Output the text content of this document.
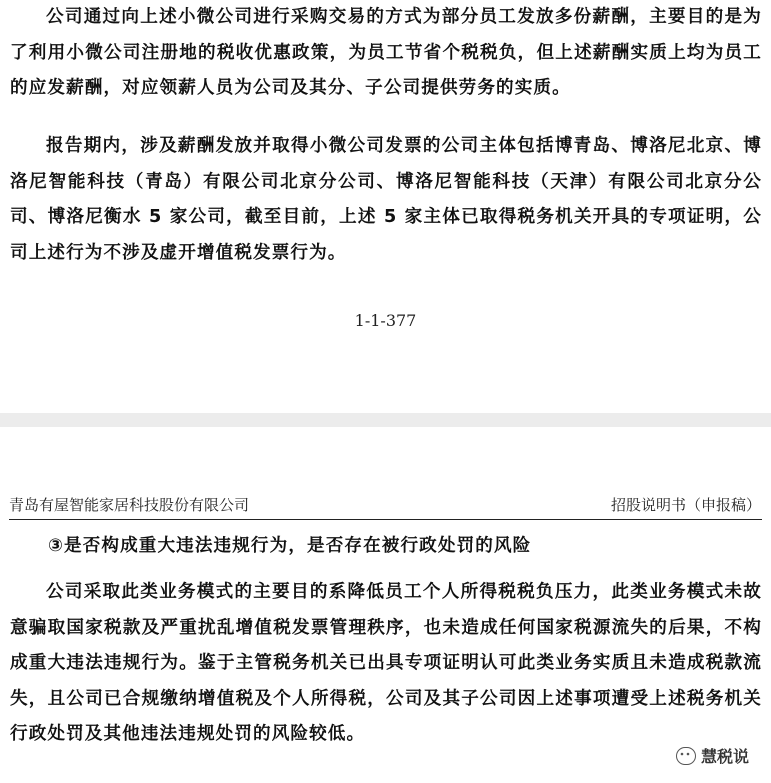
公司通过向上述小微公司进行采购交易的方式为部分员工发放多份薪酬，主要目的是为了利用小微公司注册地的税收优惠政策，为员工节省个税税负，但上述薪酬实质上均为员工的应发薪酬，对应领薪人员为公司及其分、子公司提供劳务的实质。

报告期内，涉及薪酬发放并取得小微公司发票的公司主体包括博青岛、博洛尼北京、博洛尼智能科技（青岛）有限公司北京分公司、博洛尼智能科技（天津）有限公司北京分公司、博洛尼衡水 5 家公司，截至目前，上述 5 家主体已取得税务机关开具的专项证明，公司上述行为不涉及虚开增值税发票行为。

1-1-377
青岛有屋智能家居科技股份有限公司	招股说明书（申报稿）

③是否构成重大违法违规行为，是否存在被行政处罚的风险

公司采取此类业务模式的主要目的系降低员工个人所得税税负压力，此类业务模式未故意骗取国家税款及严重扰乱增值税发票管理秩序，也未造成任何国家税源流失的后果，不构成重大违法违规行为。鉴于主管税务机关已出具专项证明认可此类业务实质且未造成税款流失，且公司已合规缴纳增值税及个人所得税，公司及其子公司因上述事项遭受上述税务机关行政处罚及其他违法违规处罚的风险较低。

慧税说
